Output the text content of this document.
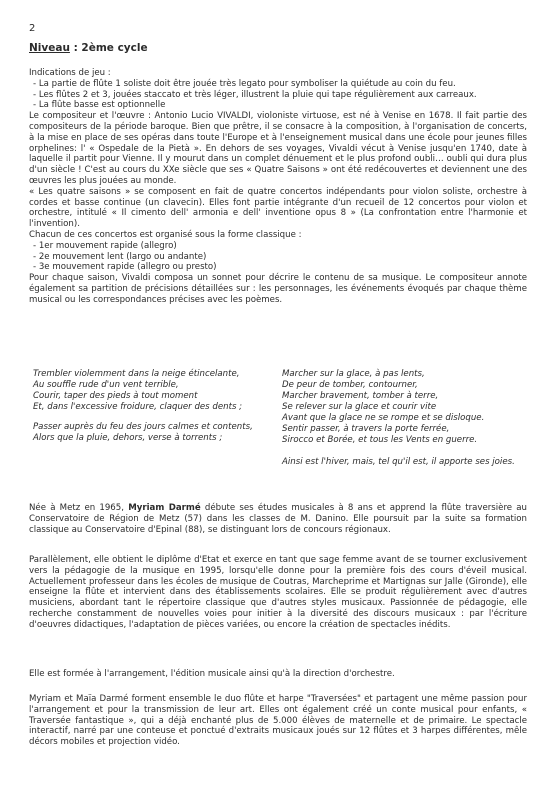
2
Niveau : 2ème cycle
Indications de jeu :
- La partie de flûte 1 soliste doit être jouée très legato pour symboliser la quiétude au coin du feu.
- Les flûtes 2 et 3, jouées staccato et très léger, illustrent la pluie qui tape régulièrement aux carreaux.
- La flûte basse est optionnelle
Le compositeur et l'œuvre : Antonio Lucio VIVALDI, violoniste virtuose, est né à Venise en 1678. Il fait partie des compositeurs de la période baroque. Bien que prêtre, il se consacre à la composition, à l'organisation de concerts, à la mise en place de ses opéras dans toute l'Europe et à l'enseignement musical dans une école pour jeunes filles orphelines: l' « Ospedale de la Pietà ». En dehors de ses voyages, Vivaldi vécut à Venise jusqu'en 1740, date à laquelle il partit pour Vienne. Il y mourut dans un complet dénuement et le plus profond oubli… oubli qui dura plus d'un siècle ! C'est au cours du XXe siècle que ses « Quatre Saisons » ont été redécouvertes et deviennent une des œuvres les plus jouées au monde.
« Les quatre saisons » se composent en fait de quatre concertos indépendants pour violon soliste, orchestre à cordes et basse continue (un clavecin). Elles font partie intégrante d'un recueil de 12 concertos pour violon et orchestre, intitulé « Il cimento dell' armonia e dell' inventione opus 8 » (La confrontation entre l'harmonie et l'invention).
Chacun de ces concertos est organisé sous la forme classique :
- 1er mouvement rapide (allegro)
- 2e mouvement lent (largo ou andante)
- 3e mouvement rapide (allegro ou presto)
Pour chaque saison, Vivaldi composa un sonnet pour décrire le contenu de sa musique. Le compositeur annote également sa partition de précisions détaillées sur : les personnages, les événements évoqués par chaque thème musical ou les correspondances précises avec les poèmes.
Trembler violemment dans la neige étincelante,
Au souffle rude d'un vent terrible,
Courir, taper des pieds à tout moment
Et, dans l'excessive froidure, claquer des dents ;
Passer auprès du feu des jours calmes et contents,
Alors que la pluie, dehors, verse à torrents ;
Marcher sur la glace, à pas lents,
De peur de tomber, contourner,
Marcher bravement, tomber à terre,
Se relever sur la glace et courir vite
Avant que la glace ne se rompe et se disloque.
Sentir passer, à travers la porte ferrée,
Sirocco et Borée, et tous les Vents en guerre.
Ainsi est l'hiver, mais, tel qu'il est, il apporte ses joies.
Née à Metz en 1965, Myriam Darmé débute ses études musicales à 8 ans et apprend la flûte traversière au Conservatoire de Région de Metz (57) dans les classes de M. Danino. Elle poursuit par la suite sa formation classique au Conservatoire d'Epinal (88), se distinguant lors de concours régionaux.
Parallèlement, elle obtient le diplôme d'Etat et exerce en tant que sage femme avant de se tourner exclusivement vers la pédagogie de la musique en 1995, lorsqu'elle donne pour la première fois des cours d'éveil musical. Actuellement professeur dans les écoles de musique de Coutras, Marcheprime et Martignas sur Jalle (Gironde), elle enseigne la flûte et intervient dans des établissements scolaires. Elle se produit régulièrement avec d'autres musiciens, abordant tant le répertoire classique que d'autres styles musicaux. Passionnée de pédagogie, elle recherche constamment de nouvelles voies pour initier à la diversité des discours musicaux : par l'écriture d'oeuvres didactiques, l'adaptation de pièces variées, ou encore la création de spectacles inédits.
Elle est formée à l'arrangement, l'édition musicale ainsi qu'à la direction d'orchestre.
Myriam et Maïa Darmé forment ensemble le duo flûte et harpe "Traversées" et partagent une même passion pour l'arrangement et pour la transmission de leur art. Elles ont également créé un conte musical pour enfants, « Traversée fantastique », qui a déjà enchanté plus de 5.000 élèves de maternelle et de primaire. Le spectacle interactif, narré par une conteuse et ponctué d'extraits musicaux joués sur 12 flûtes et 3 harpes différentes, mêle décors mobiles et projection vidéo.
